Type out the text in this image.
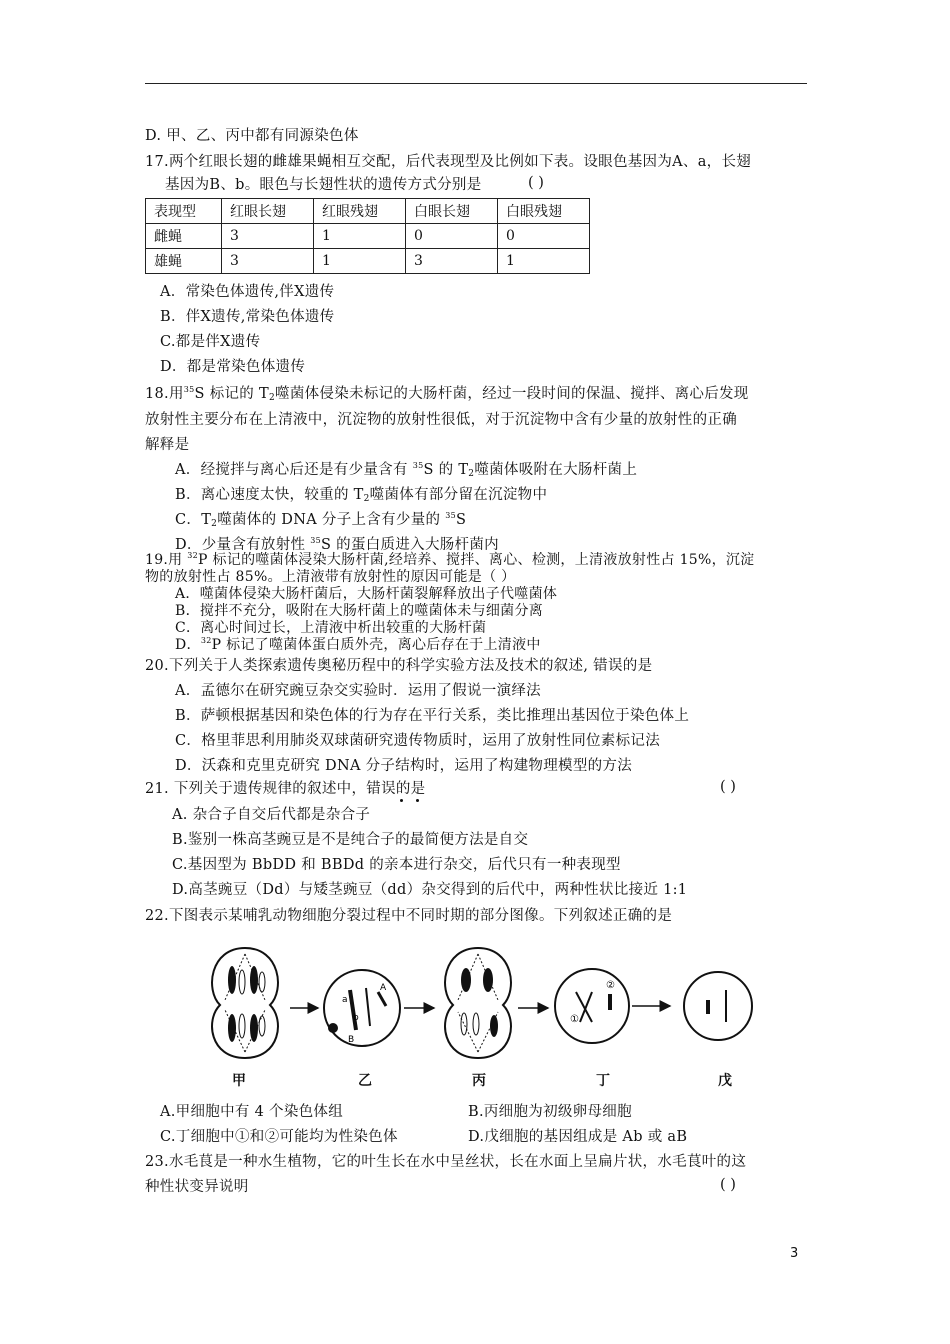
D. 甲、乙、丙中都有同源染色体
17.两个红眼长翅的雌雄果蝇相互交配，后代表现型及比例如下表。设眼色基因为A、a，长翅
基因为B、b。眼色与长翅性状的遗传方式分别是	( )
表现型	红眼长翅	红眼残翅	白眼长翅	白眼残翅
雌蝇	3	1	0	0
雄蝇	3	1	3	1
A．常染色体遗传,伴X遗传
B．伴X遗传,常染色体遗传
C.都是伴X遗传
D．都是常染色体遗传
18.用$^{35}$S 标记的 $T_2$噬菌体侵染未标记的大肠杆菌，经过一段时间的保温、搅拌、离心后发现
放射性主要分布在上清液中，沉淀物的放射性很低，对于沉淀物中含有少量的放射性的正确
解释是
A．经搅拌与离心后还是有少量含有 $^{35}$S 的 $T_2$噬菌体吸附在大肠杆菌上
B．离心速度太快，较重的 $T_2$噬菌体有部分留在沉淀物中
C．$T_2$噬菌体的 DNA 分子上含有少量的 $^{35}$S
D．少量含有放射性 $^{35}$S 的蛋白质进入大肠杆菌内
19.用 $^{32}$P 标记的噬菌体浸染大肠杆菌,经培养、搅拌、离心、检测，上清液放射性占 15%，沉淀
物的放射性占 85%。上清液带有放射性的原因可能是（ ）
A．噬菌体侵染大肠杆菌后，大肠杆菌裂解释放出子代噬菌体
B．搅拌不充分，吸附在大肠杆菌上的噬菌体未与细菌分离
C．离心时间过长，上清液中析出较重的大肠杆菌
D．$^{32}$P 标记了噬菌体蛋白质外壳，离心后存在于上清液中
20.下列关于人类探索遗传奥秘历程中的科学实验方法及技术的叙述, 错误的是
A．孟德尔在研究豌豆杂交实验时．运用了假说一演绎法
B．萨顿根据基因和染色体的行为存在平行关系，类比推理出基因位于染色体上
C．格里菲思利用肺炎双球菌研究遗传物质时，运用了放射性同位素标记法
D．沃森和克里克研究 DNA 分子结构时，运用了构建物理模型的方法
21. 下列关于遗传规律的叙述中，错误的是	( )
A. 杂合子自交后代都是杂合子
B.鉴别一株高茎豌豆是不是纯合子的最简便方法是自交
C.基因型为 BbDD 和 BBDd 的亲本进行杂交，后代只有一种表现型
D.高茎豌豆（Dd）与矮茎豌豆（dd）杂交得到的后代中，两种性状比接近 1:1
22.下图表示某哺乳动物细胞分裂过程中不同时期的部分图像。下列叙述正确的是
a
b
A
B
①
②
甲	乙	丙	丁	戊
A.甲细胞中有 4 个染色体组	B.丙细胞为初级卵母细胞
C.丁细胞中①和②可能均为性染色体	D.戊细胞的基因组成是 Ab 或 aB
23.水毛茛是一种水生植物，它的叶生长在水中呈丝状，长在水面上呈扁片状，水毛茛叶的这
种性状变异说明	( )
3
